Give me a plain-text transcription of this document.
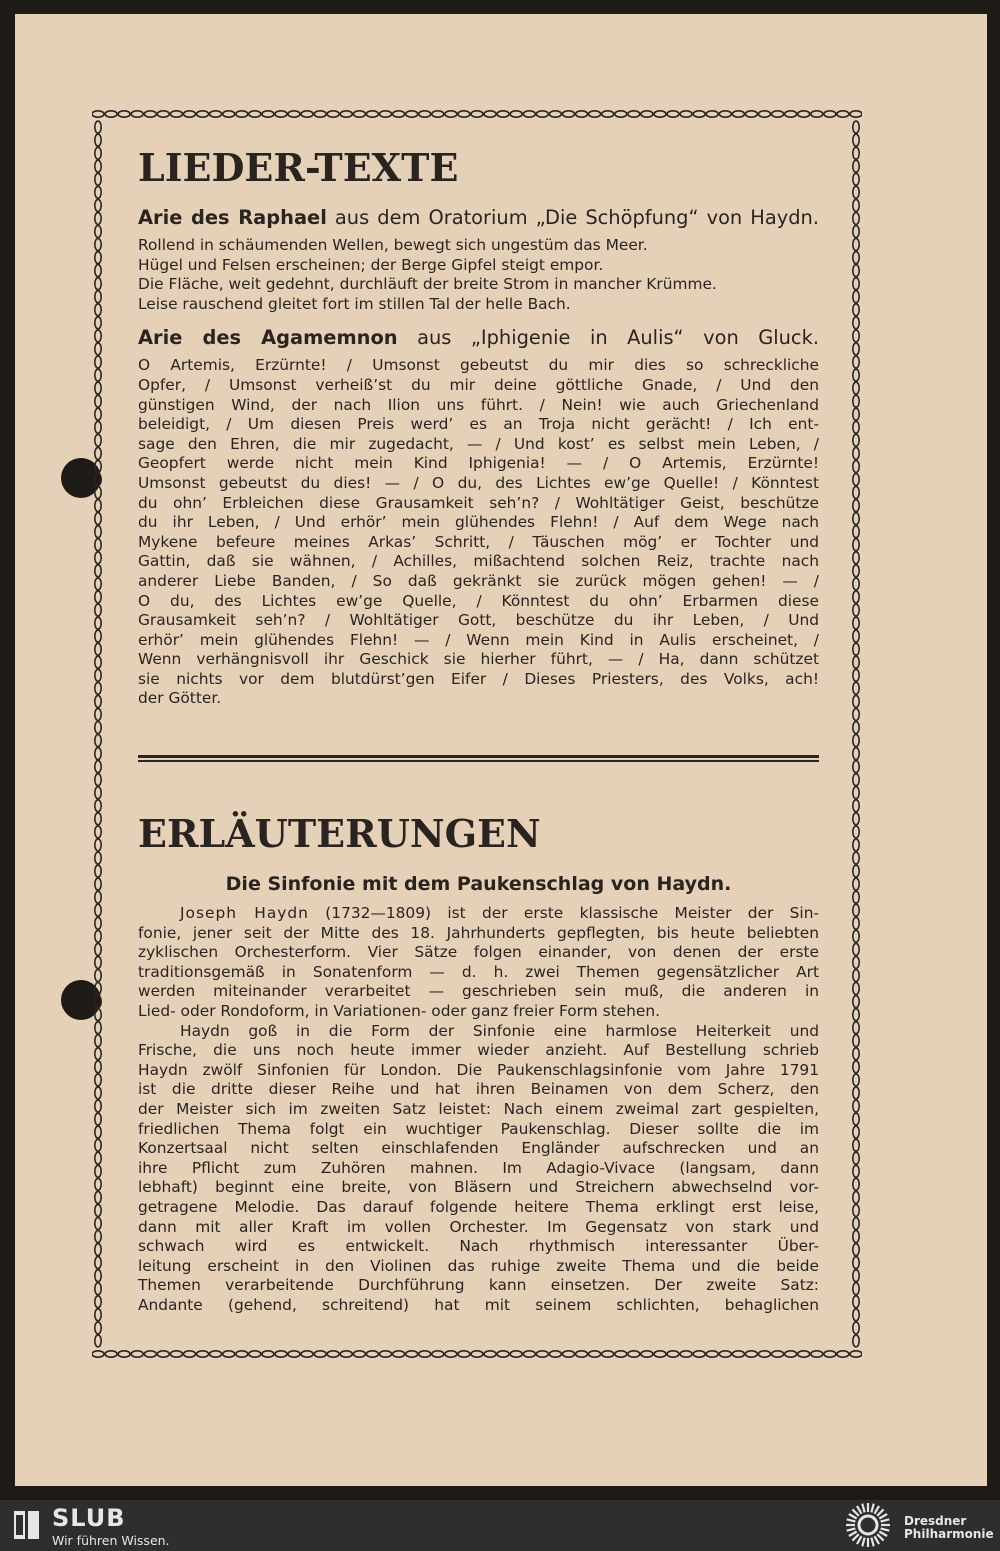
LIEDER-TEXTE
Arie des Raphael aus dem Oratorium „Die Schöpfung“ von Haydn.
Rollend in schäumenden Wellen, bewegt sich ungestüm das Meer.
Hügel und Felsen erscheinen; der Berge Gipfel steigt empor.
Die Fläche, weit gedehnt, durchläuft der breite Strom in mancher Krümme.
Leise rauschend gleitet fort im stillen Tal der helle Bach.
Arie des Agamemnon aus „Iphigenie in Aulis“ von Gluck.
O Artemis, Erzürnte! / Umsonst gebeutst du mir dies so schreckliche
Opfer, / Umsonst verheiß’st du mir deine göttliche Gnade, / Und den
günstigen Wind, der nach Ilion uns führt. / Nein! wie auch Griechenland
beleidigt, / Um diesen Preis werd’ es an Troja nicht gerächt! / Ich ent-
sage den Ehren, die mir zugedacht, — / Und kost’ es selbst mein Leben, /
Geopfert werde nicht mein Kind Iphigenia! — / O Artemis, Erzürnte!
Umsonst gebeutst du dies! — / O du, des Lichtes ew’ge Quelle! / Könntest
du ohn’ Erbleichen diese Grausamkeit seh’n? / Wohltätiger Geist, beschütze
du ihr Leben, / Und erhör’ mein glühendes Flehn! / Auf dem Wege nach
Mykene befeure meines Arkas’ Schritt, / Täuschen mög’ er Tochter und
Gattin, daß sie wähnen, / Achilles, mißachtend solchen Reiz, trachte nach
anderer Liebe Banden, / So daß gekränkt sie zurück mögen gehen! — /
O du, des Lichtes ew’ge Quelle, / Könntest du ohn’ Erbarmen diese
Grausamkeit seh’n? / Wohltätiger Gott, beschütze du ihr Leben, / Und
erhör’ mein glühendes Flehn! — / Wenn mein Kind in Aulis erscheinet, /
Wenn verhängnisvoll ihr Geschick sie hierher führt, — / Ha, dann schützet
sie nichts vor dem blutdürst’gen Eifer / Dieses Priesters, des Volks, ach!
der Götter.
ERLÄUTERUNGEN
Die Sinfonie mit dem Paukenschlag von Haydn.
Joseph Haydn (1732—1809) ist der erste klassische Meister der Sin-
fonie, jener seit der Mitte des 18. Jahrhunderts gepflegten, bis heute beliebten
zyklischen Orchesterform. Vier Sätze folgen einander, von denen der erste
traditionsgemäß in Sonatenform — d. h. zwei Themen gegensätzlicher Art
werden miteinander verarbeitet — geschrieben sein muß, die anderen in
Lied- oder Rondoform, in Variationen- oder ganz freier Form stehen.
Haydn goß in die Form der Sinfonie eine harmlose Heiterkeit und
Frische, die uns noch heute immer wieder anzieht. Auf Bestellung schrieb
Haydn zwölf Sinfonien für London. Die Paukenschlagsinfonie vom Jahre 1791
ist die dritte dieser Reihe und hat ihren Beinamen von dem Scherz, den
der Meister sich im zweiten Satz leistet: Nach einem zweimal zart gespielten,
friedlichen Thema folgt ein wuchtiger Paukenschlag. Dieser sollte die im
Konzertsaal nicht selten einschlafenden Engländer aufschrecken und an
ihre Pflicht zum Zuhören mahnen. Im Adagio-Vivace (langsam, dann
lebhaft) beginnt eine breite, von Bläsern und Streichern abwechselnd vor-
getragene Melodie. Das darauf folgende heitere Thema erklingt erst leise,
dann mit aller Kraft im vollen Orchester. Im Gegensatz von stark und
schwach wird es entwickelt. Nach rhythmisch interessanter Über-
leitung erscheint in den Violinen das ruhige zweite Thema und die beide
Themen verarbeitende Durchführung kann einsetzen. Der zweite Satz:
Andante (gehend, schreitend) hat mit seinem schlichten, behaglichen
SLUB
Wir führen Wissen.
Dresdner
Philharmonie
